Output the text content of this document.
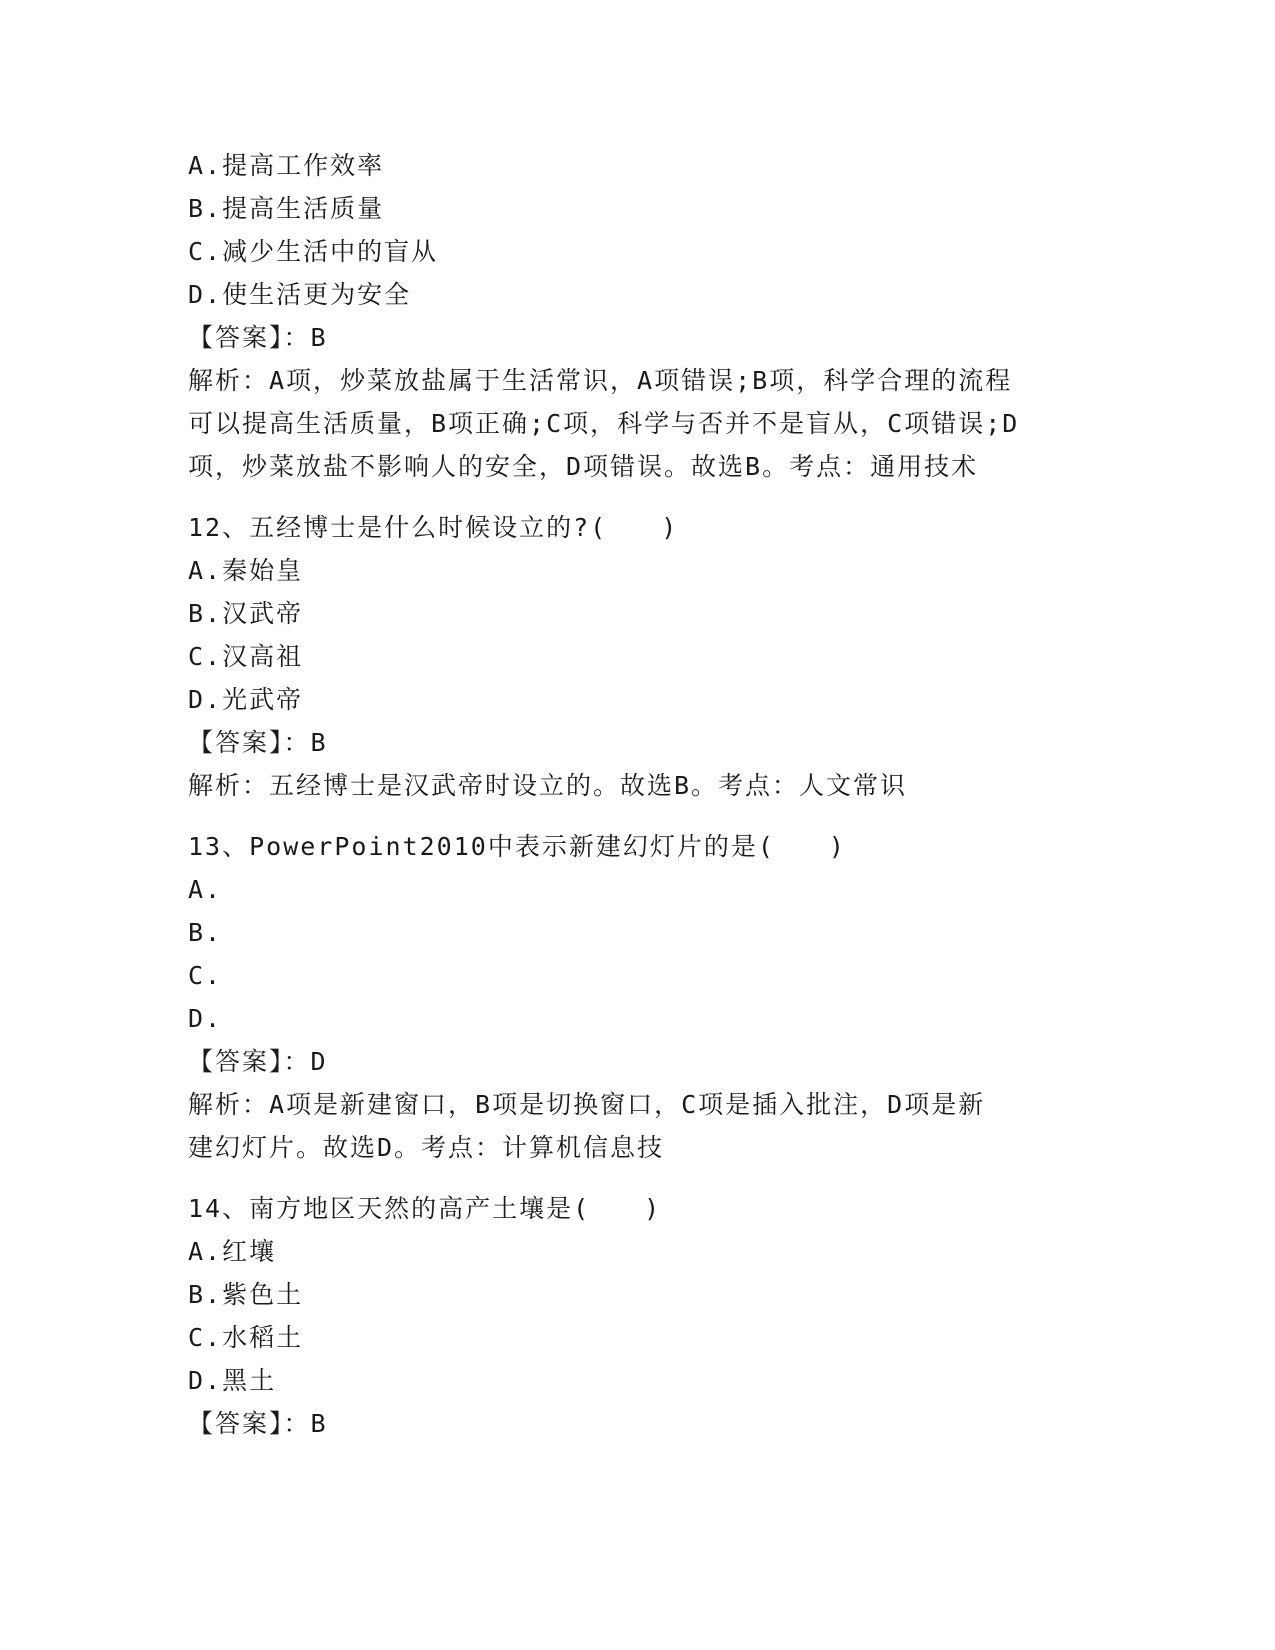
A.提高工作效率
B.提高生活质量
C.减少生活中的盲从
D.使生活更为安全
【答案】：B
解析：A项，炒菜放盐属于生活常识，A项错误;B项，科学合理的流程
可以提高生活质量，B项正确;C项，科学与否并不是盲从，C项错误;D
项，炒菜放盐不影响人的安全，D项错误。故选B。考点：通用技术
12、五经博士是什么时候设立的?(　　)
A.秦始皇
B.汉武帝
C.汉高祖
D.光武帝
【答案】：B
解析：五经博士是汉武帝时设立的。故选B。考点：人文常识
13、PowerPoint2010中表示新建幻灯片的是(　　)
A.
B.
C.
D.
【答案】：D
解析：A项是新建窗口，B项是切换窗口，C项是插入批注，D项是新
建幻灯片。故选D。考点：计算机信息技
14、南方地区天然的高产土壤是(　　)
A.红壤
B.紫色土
C.水稻土
D.黑土
【答案】：B
